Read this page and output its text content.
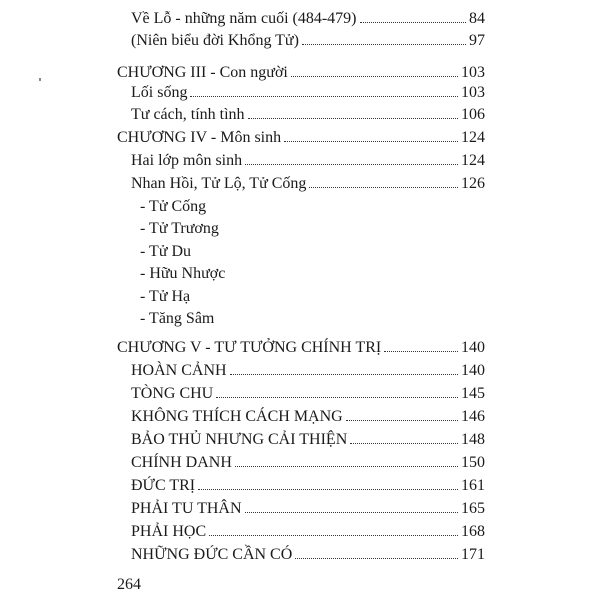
Về Lỗ - những năm cuối (484-479)	84
(Niên biểu đời Khổng Tử)	97
CHƯƠNG III - Con người	103
Lối sống	103
Tư cách, tính tình	106
CHƯƠNG IV - Môn sinh	124
Hai lớp môn sinh	124
Nhan Hồi, Tử Lộ, Tử Cống	126
- Tử Cống
- Tử Trương
- Tử Du
- Hữu Nhược
- Tử Hạ
- Tăng Sâm
CHƯƠNG V - TƯ TƯỞNG CHÍNH TRỊ	140
HOÀN CẢNH	140
TÒNG CHU	145
KHÔNG THÍCH CÁCH MẠNG	146
BẢO THỦ NHƯNG CẢI THIỆN	148
CHÍNH DANH	150
ĐỨC TRỊ	161
PHẢI TU THÂN	165
PHẢI HỌC	168
NHỮNG ĐỨC CẦN CÓ	171
264
